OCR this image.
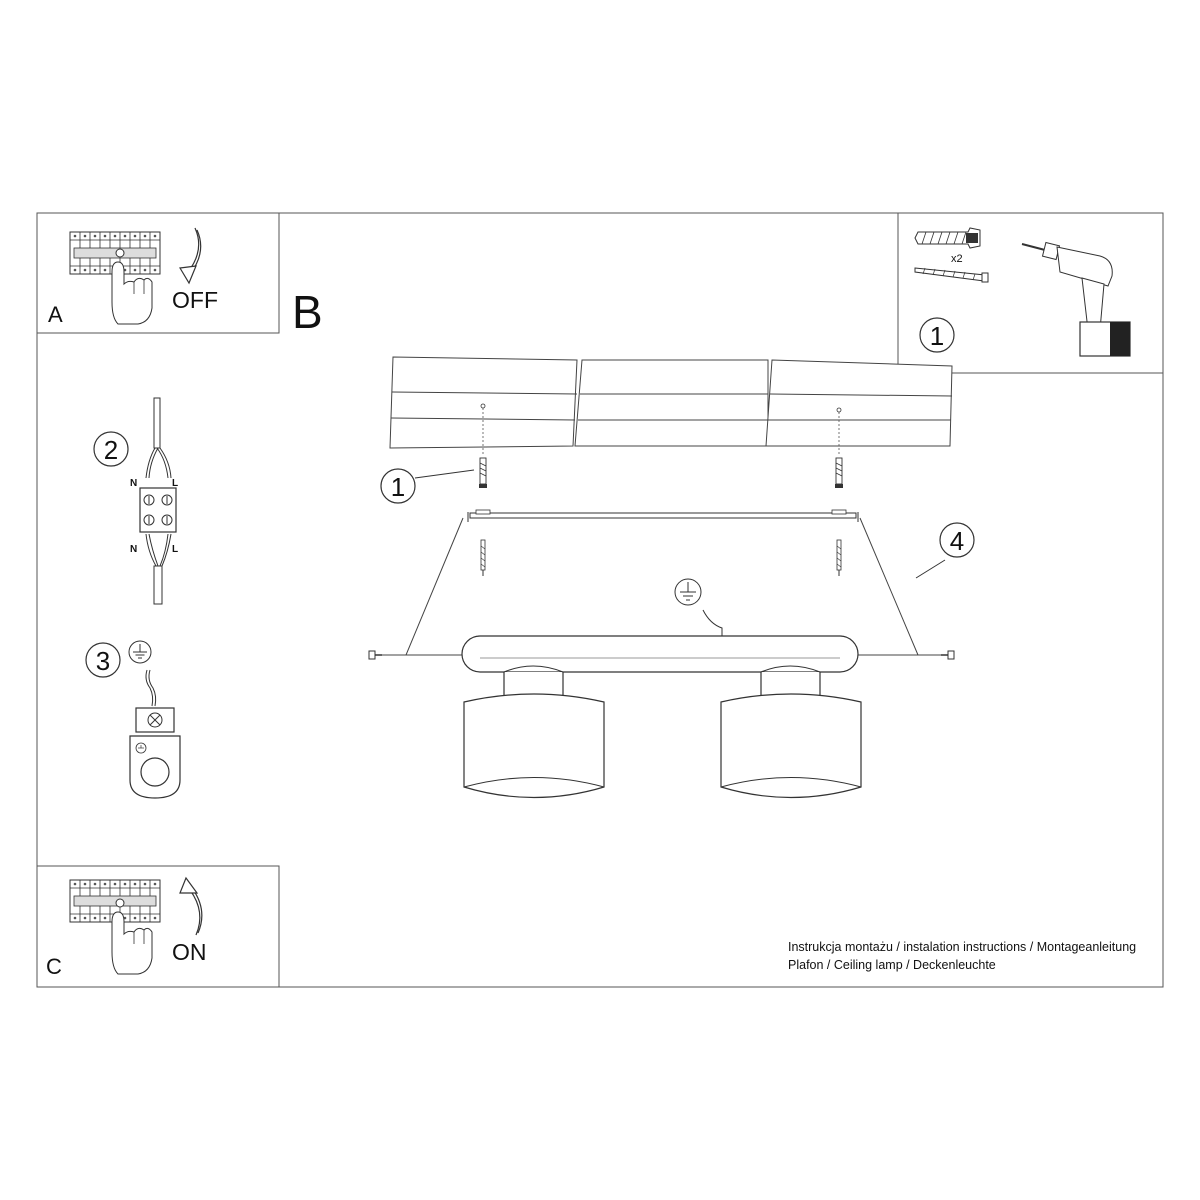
A
OFF
C
ON
x2
1
B
2
N	L
N	L
3
1
4
Instrukcja montażu / instalation instructions / Montageanleitung
Plafon / Ceiling lamp / Deckenleuchte
